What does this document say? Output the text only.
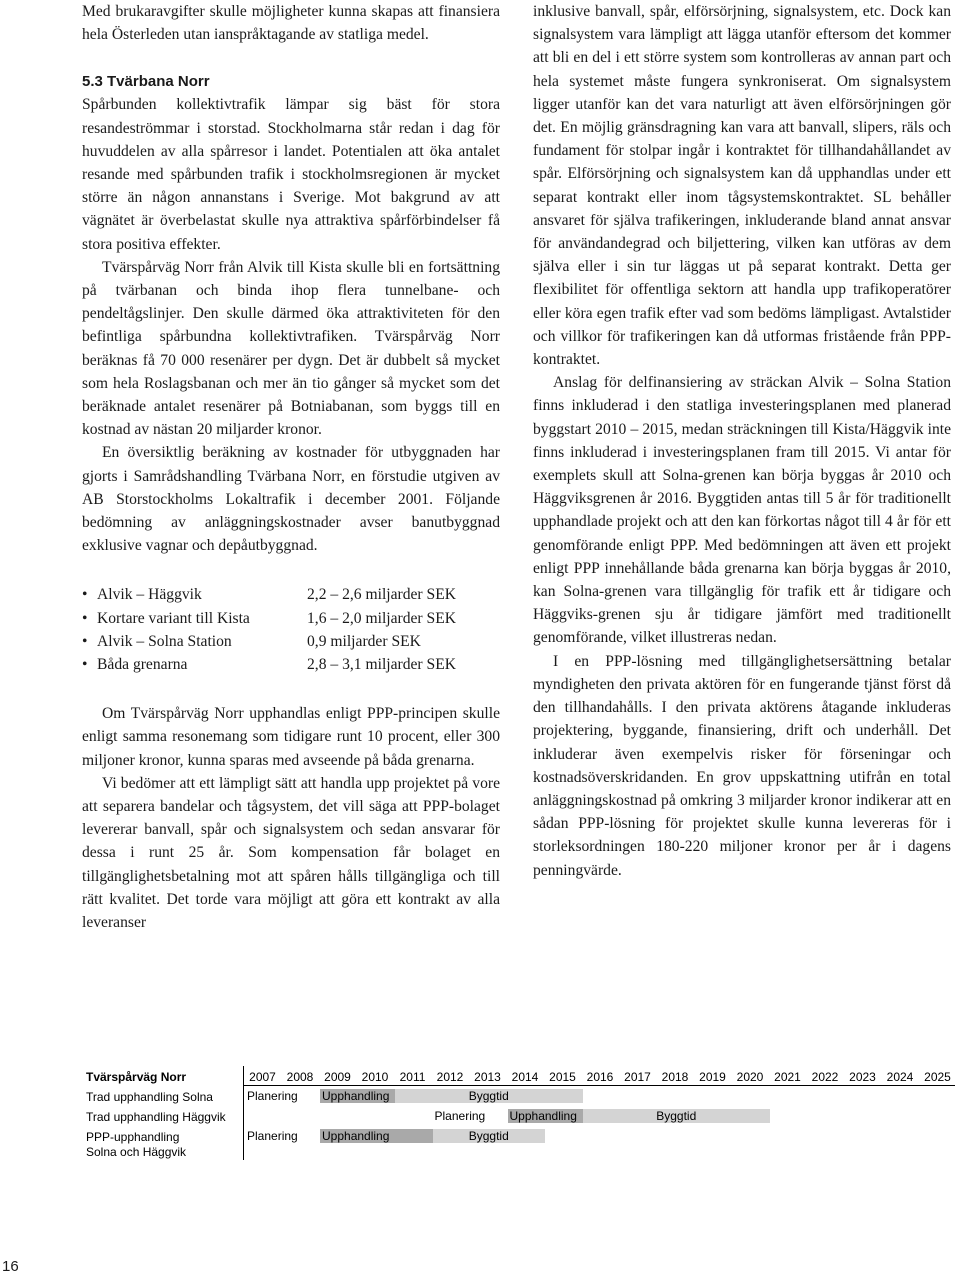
Med brukaravgifter skulle möjligheter kunna skapas att finansiera hela Österleden utan ianspråktagande av statliga medel.

5.3 Tvärbana Norr

Spårbunden kollektivtrafik lämpar sig bäst för stora resandeströmmar i storstad. Stockholmarna står redan i dag för huvuddelen av alla spårresor i landet. Potentialen att öka antalet resande med spårbunden trafik i stockholmsregionen är mycket större än någon annanstans i Sverige. Mot bakgrund av att vägnätet är överbelastat skulle nya attraktiva spårförbindelser få stora positiva effekter.

Tvärspårväg Norr från Alvik till Kista skulle bli en fortsättning på tvärbanan och binda ihop flera tunnelbane- och pendeltågslinjer. Den skulle därmed öka attraktiviteten för den befintliga spårbundna kollektivtrafiken. Tvärspårväg Norr beräknas få 70 000 resenärer per dygn. Det är dubbelt så mycket som hela Roslagsbanan och mer än tio gånger så mycket som det beräknade antalet resenärer på Botniabanan, som byggs till en kostnad av nästan 20 miljarder kronor.

En översiktlig beräkning av kostnader för utbyggnaden har gjorts i Samrådshandling Tvärbana Norr, en förstudie utgiven av AB Storstockholms Lokaltrafik i december 2001. Följande bedömning av anläggningskostnader avser banutbyggnad exklusive vagnar och depåutbyggnad.

• Alvik – Häggvik	2,2 – 2,6 miljarder SEK
• Kortare variant till Kista	1,6 – 2,0 miljarder SEK
• Alvik – Solna Station	0,9 miljarder SEK
• Båda grenarna	2,8 – 3,1 miljarder SEK

Om Tvärspårväg Norr upphandlas enligt PPP-principen skulle enligt samma resonemang som tidigare runt 10 procent, eller 300 miljoner kronor, kunna sparas med avseende på båda grenarna.

Vi bedömer att ett lämpligt sätt att handla upp projektet på vore att separera bandelar och tågsystem, det vill säga att PPP-bolaget levererar banvall, spår och signalsystem och sedan ansvarar för dessa i runt 25 år. Som kompensation får bolaget en tillgänglighetsbetalning mot att spåren hålls tillgängliga och till rätt kvalitet. Det torde vara möjligt att göra ett kontrakt av alla leveranser

inklusive banvall, spår, elförsörjning, signalsystem, etc. Dock kan signalsystem vara lämpligt att lägga utanför eftersom det kommer att bli en del i ett större system som kontrolleras av annan part och hela systemet måste fungera synkroniserat. Om signalsystem ligger utanför kan det vara naturligt att även elförsörjningen gör det. En möjlig gränsdragning kan vara att banvall, slipers, räls och fundament för stolpar ingår i kontraktet för tillhandahållandet av spår. Elförsörjning och signalsystem kan då upphandlas under ett separat kontrakt eller inom tågsystemskontraktet. SL behåller ansvaret för själva trafikeringen, inkluderande bland annat ansvar för användandegrad och biljettering, vilken kan utföras av dem själva eller i sin tur läggas ut på separat kontrakt. Detta ger flexibilitet för offentliga sektorn att handla upp trafikoperatörer eller köra egen trafik efter vad som bedöms lämpligast. Avtalstider och villkor för trafikeringen kan då utformas fristående från PPP-kontraktet.

Anslag för delfinansiering av sträckan Alvik – Solna Station finns inkluderad i den statliga investeringsplanen med planerad byggstart 2010 – 2015, medan sträckningen till Kista/Häggvik inte finns inkluderad i investeringsplanen fram till 2015. Vi antar för exemplets skull att Solna-grenen kan börja byggas år 2010 och Häggviksgrenen år 2016. Byggtiden antas till 5 år för traditionellt upphandlade projekt och att den kan förkortas något till 4 år för ett genomförande enligt PPP. Med bedömningen att även ett projekt enligt PPP innehållande båda grenarna kan börja byggas år 2010, kan Solna-grenen vara tillgänglig för trafik ett år tidigare och Häggviks-grenen sju år tidigare jämfört med traditionellt genomförande, vilket illustreras nedan.

I en PPP-lösning med tillgänglighetsersättning betalar myndigheten den privata aktören för en fungerande tjänst först då den tillhandahålls. I den privata aktörens åtagande inkluderas projektering, byggande, finansiering, drift och underhåll. Det inkluderar även exempelvis risker för förseningar och kostnadsöverskridanden. En grov uppskattning utifrån en total anläggningskostnad på omkring 3 miljarder kronor indikerar att en sådan PPP-lösning för projektet skulle kunna levereras för i storleksordningen 180-220 miljoner kronor per år i dagens penningvärde.

Tvärspårväg Norr
Trad upphandling Solna
Trad upphandling Häggvik
PPP-upphandling
Solna och Häggvik
2007 2008 2009 2010 2011 2012 2013 2014 2015 2016 2017 2018 2019 2020 2021 2022 2023 2024 2025
Planering Upphandling	Byggtid
Planering Upphandling	Byggtid
Planering Upphandling	Byggtid
16
